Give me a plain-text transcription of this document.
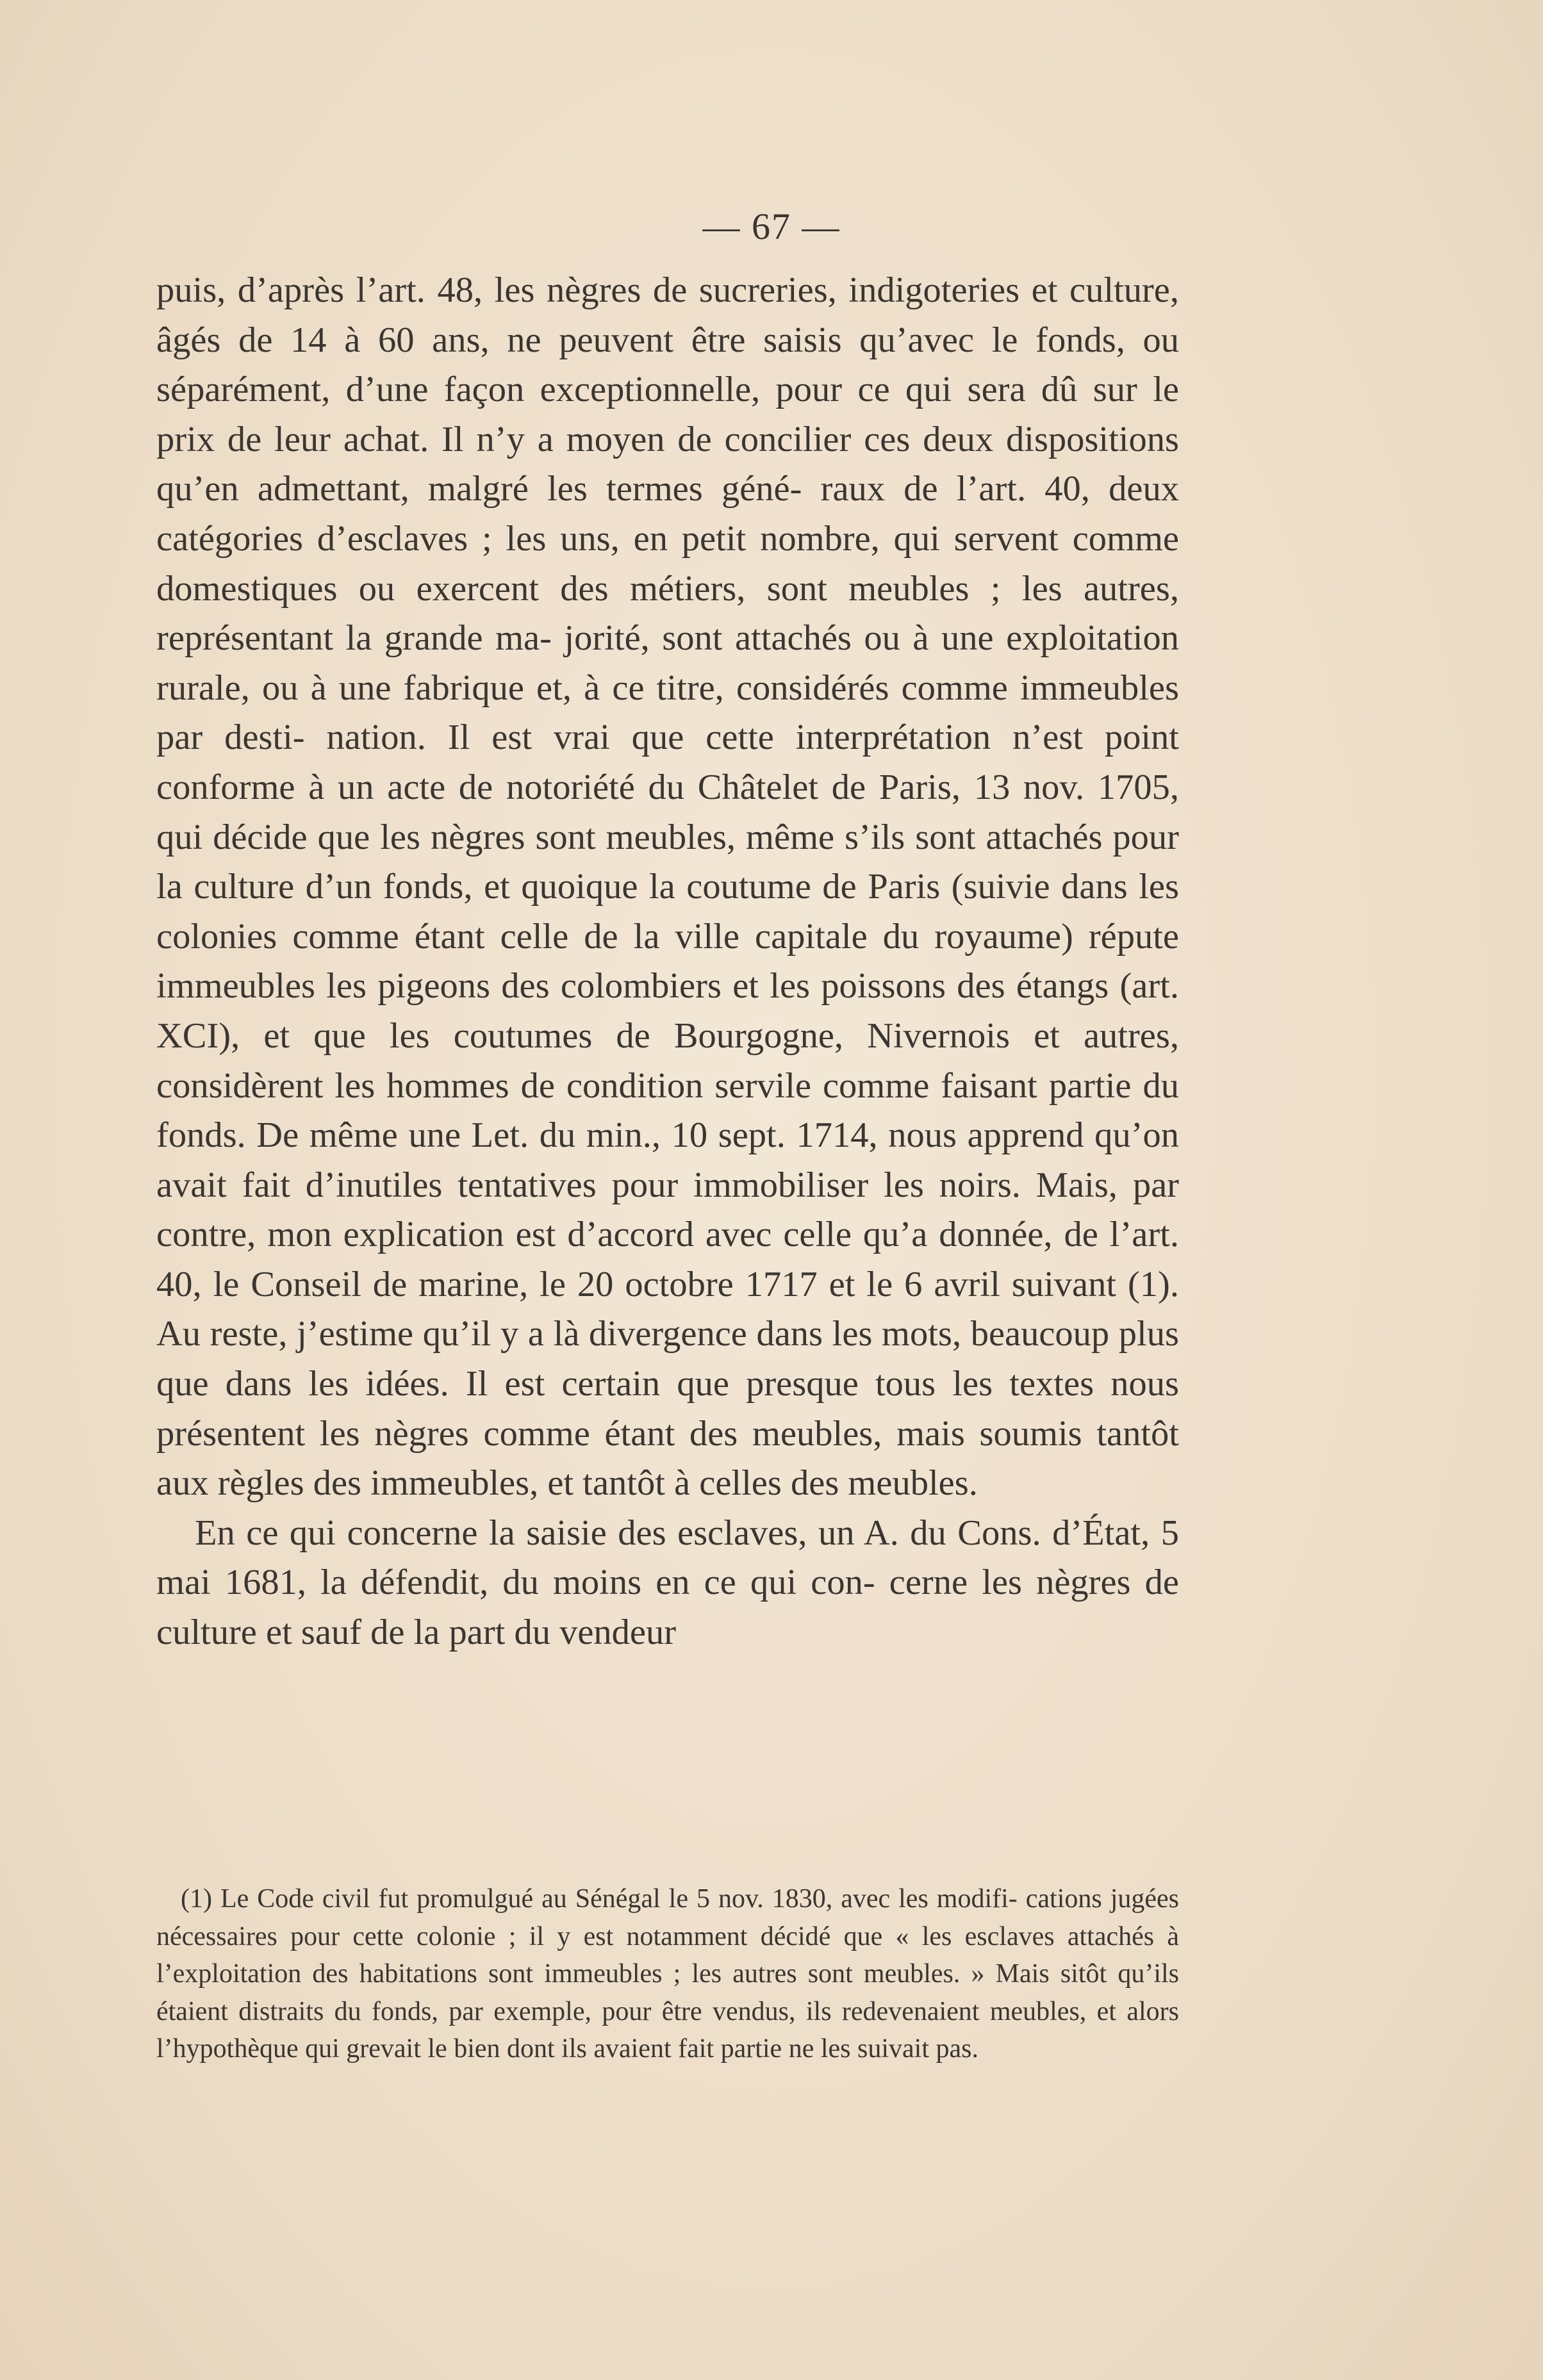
— 67 —

puis, d’après l’art. 48, les nègres de sucreries, indigoteries et culture, âgés de 14 à 60 ans, ne peuvent être saisis qu’avec le fonds, ou séparément, d’une façon exceptionnelle, pour ce qui sera dû sur le prix de leur achat. Il n’y a moyen de concilier ces deux dispositions qu’en admettant, malgré les termes géné- raux de l’art. 40, deux catégories d’esclaves ; les uns, en petit nombre, qui servent comme domestiques ou exercent des métiers, sont meubles ; les autres, représentant la grande ma- jorité, sont attachés ou à une exploitation rurale, ou à une fabrique et, à ce titre, considérés comme immeubles par desti- nation. Il est vrai que cette interprétation n’est point conforme à un acte de notoriété du Châtelet de Paris, 13 nov. 1705, qui décide que les nègres sont meubles, même s’ils sont attachés pour la culture d’un fonds, et quoique la coutume de Paris (suivie dans les colonies comme étant celle de la ville capitale du royaume) répute immeubles les pigeons des colombiers et les poissons des étangs (art. XCI), et que les coutumes de Bourgogne, Nivernois et autres, considèrent les hommes de condition servile comme faisant partie du fonds. De même une Let. du min., 10 sept. 1714, nous apprend qu’on avait fait d’inutiles tentatives pour immobiliser les noirs. Mais, par contre, mon explication est d’accord avec celle qu’a donnée, de l’art. 40, le Conseil de marine, le 20 octobre 1717 et le 6 avril suivant (1). Au reste, j’estime qu’il y a là divergence dans les mots, beaucoup plus que dans les idées. Il est certain que presque tous les textes nous présentent les nègres comme étant des meubles, mais soumis tantôt aux règles des immeubles, et tantôt à celles des meubles.

En ce qui concerne la saisie des esclaves, un A. du Cons. d’État, 5 mai 1681, la défendit, du moins en ce qui con- cerne les nègres de culture et sauf de la part du vendeur

(1) Le Code civil fut promulgué au Sénégal le 5 nov. 1830, avec les modifi- cations jugées nécessaires pour cette colonie ; il y est notamment décidé que « les esclaves attachés à l’exploitation des habitations sont immeubles ; les autres sont meubles. » Mais sitôt qu’ils étaient distraits du fonds, par exemple, pour être vendus, ils redevenaient meubles, et alors l’hypothèque qui grevait le bien dont ils avaient fait partie ne les suivait pas.
